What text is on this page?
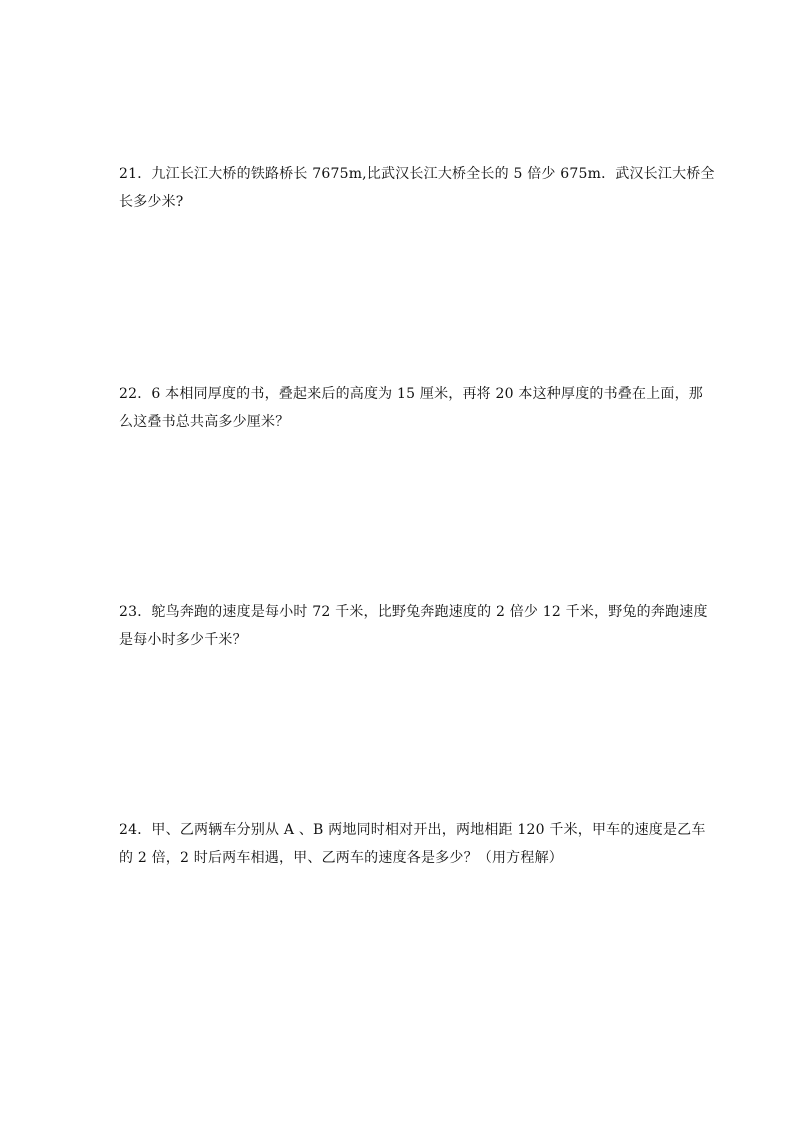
21．九江长江大桥的铁路桥长 7675m,比武汉长江大桥全长的 5 倍少 675m．武汉长江大桥全

长多少米?

22．6 本相同厚度的书，叠起来后的高度为 15 厘米，再将 20 本这种厚度的书叠在上面，那

么这叠书总共高多少厘米？

23．鸵鸟奔跑的速度是每小时 72 千米，比野兔奔跑速度的 2 倍少 12 千米，野兔的奔跑速度

是每小时多少千米？

24．甲、乙两辆车分别从 A 、B 两地同时相对开出，两地相距 120 千米，甲车的速度是乙车

的 2 倍，2 时后两车相遇，甲、乙两车的速度各是多少？（用方程解）
